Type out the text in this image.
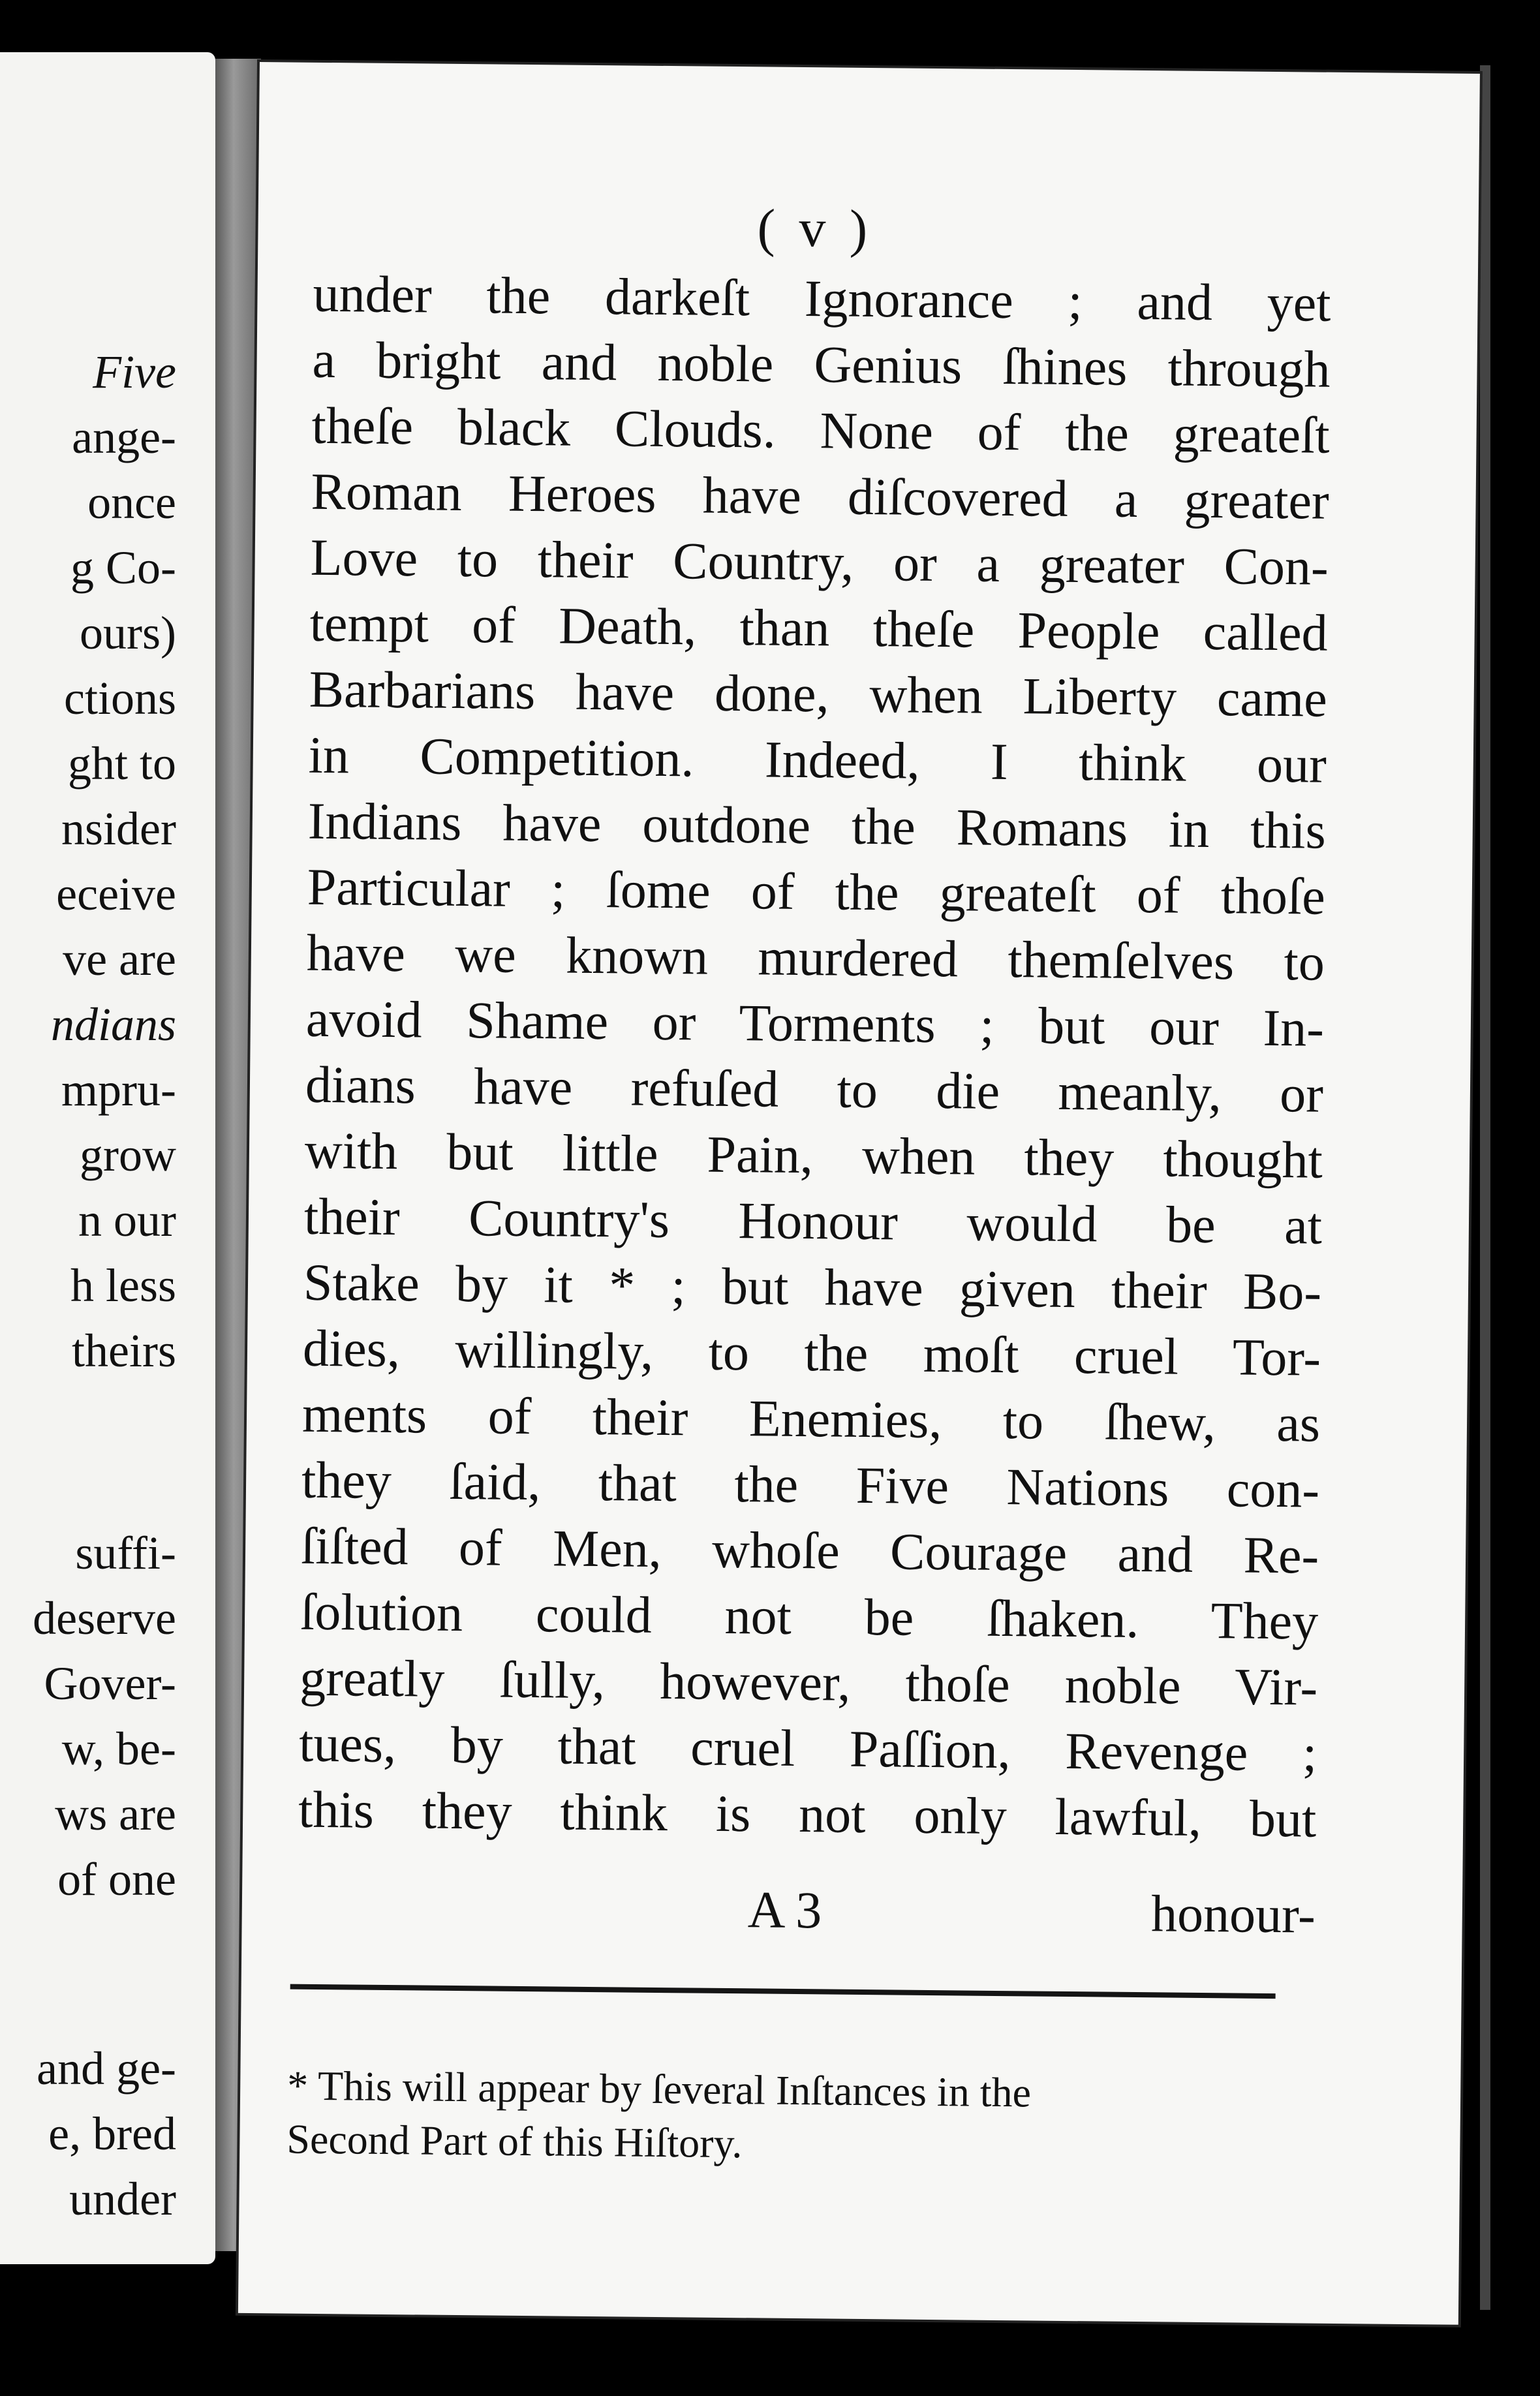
Five
ange-
once
g Co-
ours)
ctions
ght to
nsider
eceive
ve are
ndians
mpru-
grow
n our
h less
theirs
suffi-
deserve
Gover-
w, be-
ws are
of one
and ge-
e, bred
under
( v )
under the darkeſt Ignorance ; and yet
a bright and noble Genius ſhines through
theſe black Clouds. None of the greateſt
Roman Heroes have diſcovered a greater
Love to their Country, or a greater Con-
tempt of Death, than theſe People called
Barbarians have done, when Liberty came
in Competition. Indeed, I think our
Indians have outdone the Romans in this
Particular ; ſome of the greateſt of thoſe
have we known murdered themſelves to
avoid Shame or Torments ; but our In-
dians have refuſed to die meanly, or
with but little Pain, when they thought
their Country's Honour would be at
Stake by it * ; but have given their Bo-
dies, willingly, to the moſt cruel Tor-
ments of their Enemies, to ſhew, as
they ſaid, that the Five Nations con-
ſiſted of Men, whoſe Courage and Re-
ſolution could not be ſhaken. They
greatly ſully, however, thoſe noble Vir-
tues, by that cruel Paſſion, Revenge ;
this they think is not only lawful, but
A 3	honour-
* This will appear by ſeveral Inſtances in the
Second Part of this Hiſtory.
